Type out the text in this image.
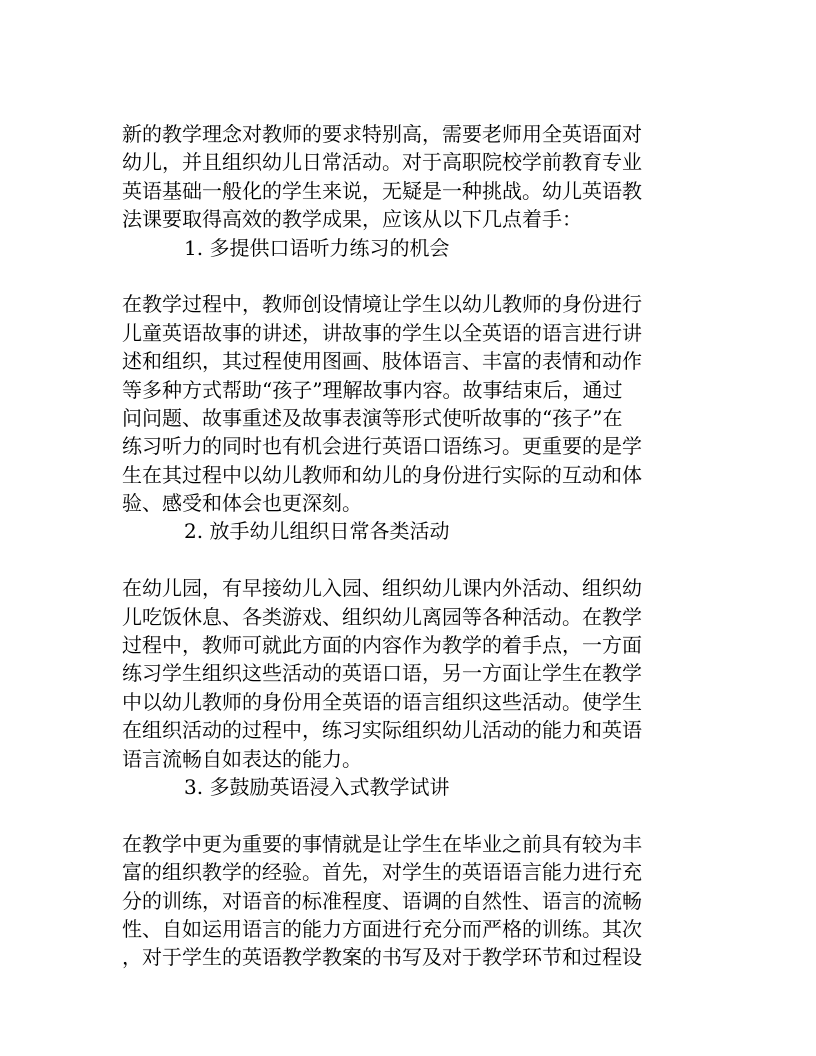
新的教学理念对教师的要求特别高，需要老师用全英语面对
幼儿，并且组织幼儿日常活动。对于高职院校学前教育专业
英语基础一般化的学生来说，无疑是一种挑战。幼儿英语教
法课要取得高效的教学成果，应该从以下几点着手：
1. 多提供口语听力练习的机会
在教学过程中，教师创设情境让学生以幼儿教师的身份进行
儿童英语故事的讲述，讲故事的学生以全英语的语言进行讲
述和组织，其过程使用图画、肢体语言、丰富的表情和动作
等多种方式帮助“孩子”理解故事内容。故事结束后，通过
问问题、故事重述及故事表演等形式使听故事的“孩子”在
练习听力的同时也有机会进行英语口语练习。更重要的是学
生在其过程中以幼儿教师和幼儿的身份进行实际的互动和体
验、感受和体会也更深刻。
2. 放手幼儿组织日常各类活动
在幼儿园，有早接幼儿入园、组织幼儿课内外活动、组织幼
儿吃饭休息、各类游戏、组织幼儿离园等各种活动。在教学
过程中，教师可就此方面的内容作为教学的着手点，一方面
练习学生组织这些活动的英语口语，另一方面让学生在教学
中以幼儿教师的身份用全英语的语言组织这些活动。使学生
在组织活动的过程中，练习实际组织幼儿活动的能力和英语
语言流畅自如表达的能力。
3. 多鼓励英语浸入式教学试讲
在教学中更为重要的事情就是让学生在毕业之前具有较为丰
富的组织教学的经验。首先，对学生的英语语言能力进行充
分的训练，对语音的标准程度、语调的自然性、语言的流畅
性、自如运用语言的能力方面进行充分而严格的训练。其次
，对于学生的英语教学教案的书写及对于教学环节和过程设
